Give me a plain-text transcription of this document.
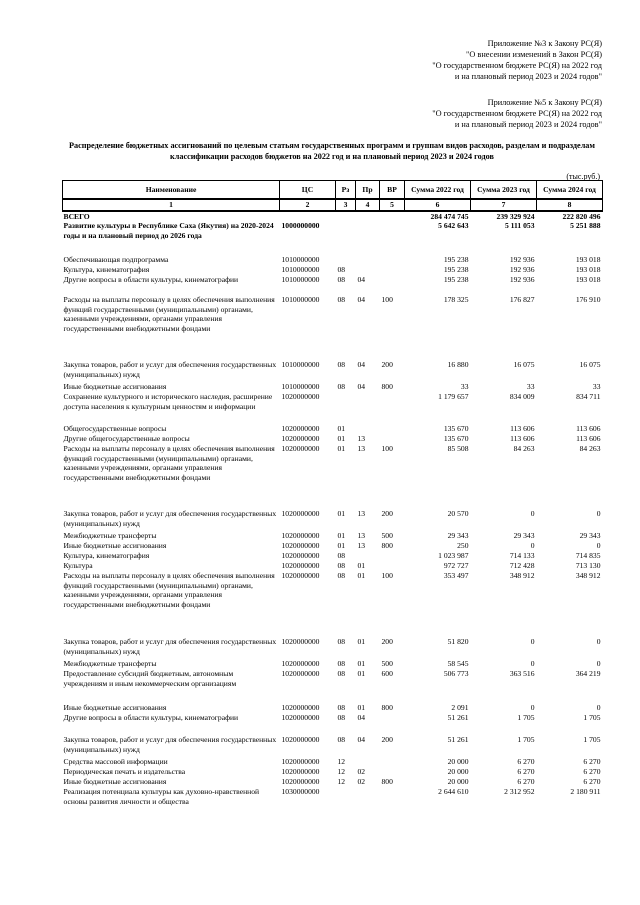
Приложение №3 к Закону РС(Я)
"О внесении изменений в Закон РС(Я)
"О государственном бюджете РС(Я) на 2022 год
и на плановый период 2023 и 2024 годов"
Приложение №5 к Закону РС(Я)
"О государственном бюджете РС(Я) на 2022 год
и на плановый период 2023 и 2024 годов"
Распределение бюджетных ассигнований по целевым статьям государственных программ и группам видов расходов, разделам и подразделам классификации расходов бюджетов на 2022 год и на плановый период 2023 и 2024 годов
(тыс.руб.)
Наименование	ЦС	Рз	Пр	ВР	Сумма 2022 год	Сумма 2023 год	Сумма 2024 год
1	2	3	4	5	6	7	8
ВСЕГО					284 474 745	239 329 924	222 820 496
Развитие культуры в Республике Саха (Якутия) на 2020-2024 годы и на плановый период до 2026 года	1000000000				5 642 643	5 111 053	5 251 888
Обеспечивающая подпрограмма	1010000000				195 238	192 936	193 018
Культура, кинематография	1010000000	08			195 238	192 936	193 018
Другие вопросы в области культуры, кинематографии	1010000000	08	04		195 238	192 936	193 018
Расходы на выплаты персоналу в целях обеспечения выполнения функций государственными (муниципальными) органами, казенными учреждениями, органами управления государственными внебюджетными фондами	1010000000	08	04	100	178 325	176 827	176 910
Закупка товаров, работ и услуг для обеспечения государственных (муниципальных) нужд	1010000000	08	04	200	16 880	16 075	16 075
Иные бюджетные ассигнования	1010000000	08	04	800	33	33	33
Сохранение культурного и исторического наследия, расширение доступа населения к культурным ценностям и информации	1020000000				1 179 657	834 009	834 711
Общегосударственные вопросы	1020000000	01			135 670	113 606	113 606
Другие общегосударственные вопросы	1020000000	01	13		135 670	113 606	113 606
Расходы на выплаты персоналу в целях обеспечения выполнения функций государственными (муниципальными) органами, казенными учреждениями, органами управления государственными внебюджетными фондами	1020000000	01	13	100	85 508	84 263	84 263
Закупка товаров, работ и услуг для обеспечения государственных (муниципальных) нужд	1020000000	01	13	200	20 570	0	0
Межбюджетные трансферты	1020000000	01	13	500	29 343	29 343	29 343
Иные бюджетные ассигнования	1020000000	01	13	800	250	0	0
Культура, кинематография	1020000000	08			1 023 987	714 133	714 835
Культура	1020000000	08	01		972 727	712 428	713 130
Расходы на выплаты персоналу в целях обеспечения выполнения функций государственными (муниципальными) органами, казенными учреждениями, органами управления государственными внебюджетными фондами	1020000000	08	01	100	353 497	348 912	348 912
Закупка товаров, работ и услуг для обеспечения государственных (муниципальных) нужд	1020000000	08	01	200	51 820	0	0
Межбюджетные трансферты	1020000000	08	01	500	58 545	0	0
Предоставление субсидий бюджетным, автономным учреждениям и иным некоммерческим организациям	1020000000	08	01	600	506 773	363 516	364 219
Иные бюджетные ассигнования	1020000000	08	01	800	2 091	0	0
Другие вопросы в области культуры, кинематографии	1020000000	08	04		51 261	1 705	1 705
Закупка товаров, работ и услуг для обеспечения государственных (муниципальных) нужд	1020000000	08	04	200	51 261	1 705	1 705
Средства массовой информации	1020000000	12			20 000	6 270	6 270
Периодическая печать и издательства	1020000000	12	02		20 000	6 270	6 270
Иные бюджетные ассигнования	1020000000	12	02	800	20 000	6 270	6 270
Реализация потенциала культуры как духовно-нравственной основы развития личности и общества	1030000000				2 644 610	2 312 952	2 180 911
